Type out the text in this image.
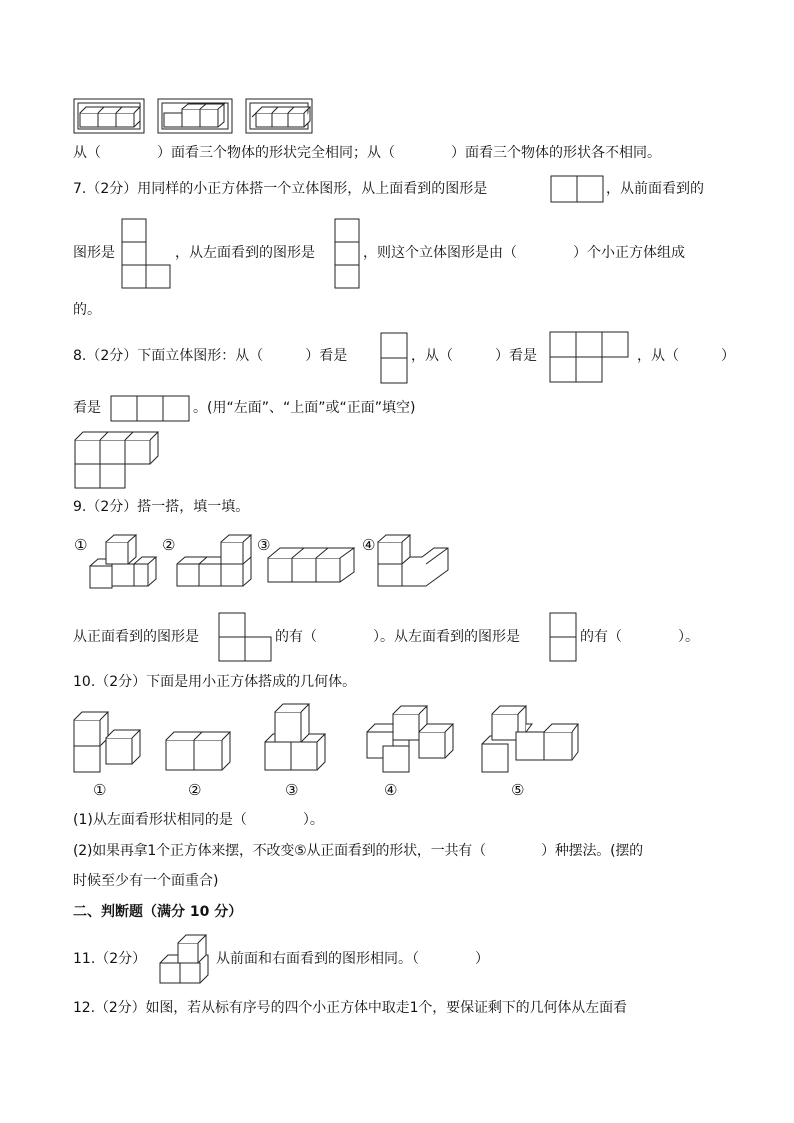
从（　　　　）面看三个物体的形状完全相同；从（　　　　）面看三个物体的形状各不相同。
7.（2分）用同样的小正方体搭一个立体图形，从上面看到的图形是	，从前面看到的
图形是	，从左面看到的图形是	，则这个立体图形是由（　　　　）个小正方体组成
的。
8.（2分）下面立体图形：从（　　　）看是	，从（　　　）看是	，从（　　　）
看是	。(用“左面”、“上面”或“正面”填空)
9.（2分）搭一搭，填一填。
①	②	③	④
从正面看到的图形是	的有（　　　　）。从左面看到的图形是	的有（　　　　）。
10.（2分）下面是用小正方体搭成的几何体。
①	②	③	④	⑤
(1)从左面看形状相同的是（　　　　）。
(2)如果再拿1个正方体来摆，不改变⑤从正面看到的形状，一共有（　　　　）种摆法。(摆的
时候至少有一个面重合)
二、判断题（满分 10 分）
11.（2分）	从前面和右面看到的图形相同。（　　　　）
12.（2分）如图，若从标有序号的四个小正方体中取走1个，要保证剩下的几何体从左面看
